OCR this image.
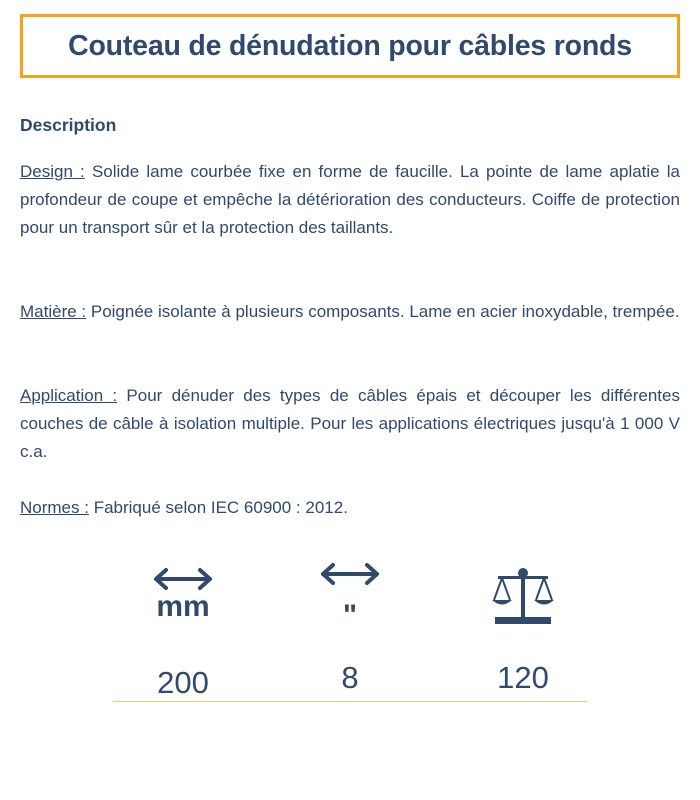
Couteau de dénudation pour câbles ronds
Description

Design : Solide lame courbée fixe en forme de faucille. La pointe de lame aplatie la profondeur de coupe et empêche la détérioration des conducteurs. Coiffe de protection pour un transport sûr et la protection des taillants.

Matière : Poignée isolante à plusieurs composants. Lame en acier inoxydable, trempée.

Application : Pour dénuder des types de câbles épais et découper les différentes couches de câble à isolation multiple. Pour les applications électriques jusqu'à 1 000 V c.a.

Normes : Fabriqué selon IEC 60900 : 2012.

mm
200
"
8	120
